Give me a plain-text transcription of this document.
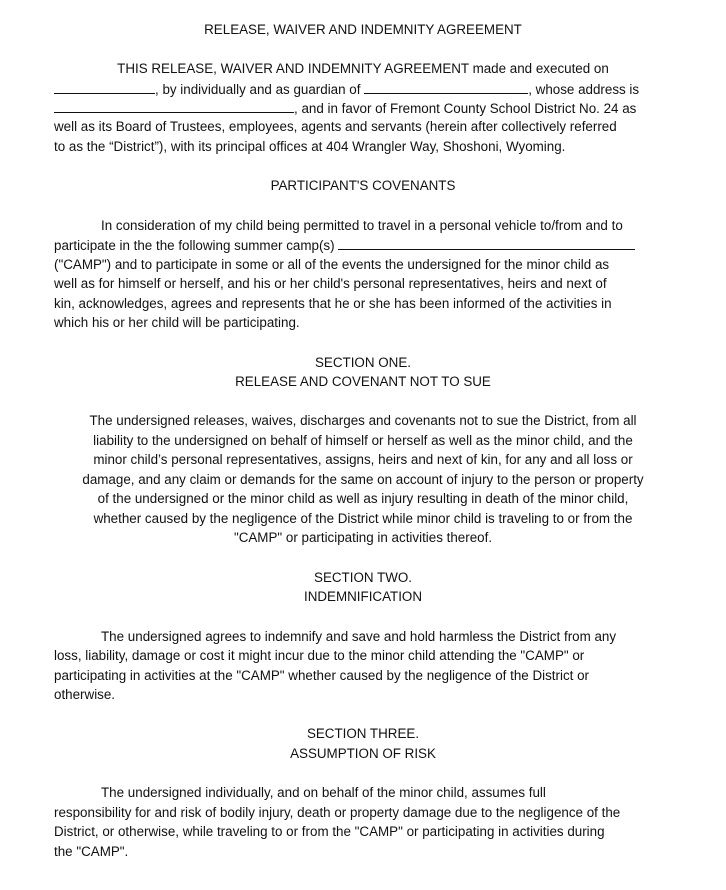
RELEASE, WAIVER AND INDEMNITY AGREEMENT
THIS RELEASE, WAIVER AND INDEMNITY AGREEMENT made and executed on
, by individually and as guardian of	, whose address is
, and in favor of Fremont County School District No. 24 as
well as its Board of Trustees, employees, agents and servants (herein after collectively referred
to as the “District”), with its principal offices at 404 Wrangler Way, Shoshoni, Wyoming.
PARTICIPANT'S COVENANTS
In consideration of my child being permitted to travel in a personal vehicle to/from and to
participate in the the following summer camp(s)
("CAMP") and to participate in some or all of the events the undersigned for the minor child as
well as for himself or herself, and his or her child's personal representatives, heirs and next of
kin, acknowledges, agrees and represents that he or she has been informed of the activities in
which his or her child will be participating.
SECTION ONE.
RELEASE AND COVENANT NOT TO SUE
The undersigned releases, waives, discharges and covenants not to sue the District, from all
liability to the undersigned on behalf of himself or herself as well as the minor child, and the
minor child’s personal representatives, assigns, heirs and next of kin, for any and all loss or
damage, and any claim or demands for the same on account of injury to the person or property
of the undersigned or the minor child as well as injury resulting in death of the minor child,
whether caused by the negligence of the District while minor child is traveling to or from the
"CAMP" or participating in activities thereof.
SECTION TWO.
INDEMNIFICATION
The undersigned agrees to indemnify and save and hold harmless the District from any
loss, liability, damage or cost it might incur due to the minor child attending the "CAMP" or
participating in activities at the "CAMP" whether caused by the negligence of the District or
otherwise.
SECTION THREE.
ASSUMPTION OF RISK
The undersigned individually, and on behalf of the minor child, assumes full
responsibility for and risk of bodily injury, death or property damage due to the negligence of the
District, or otherwise, while traveling to or from the "CAMP" or participating in activities during
the "CAMP".
